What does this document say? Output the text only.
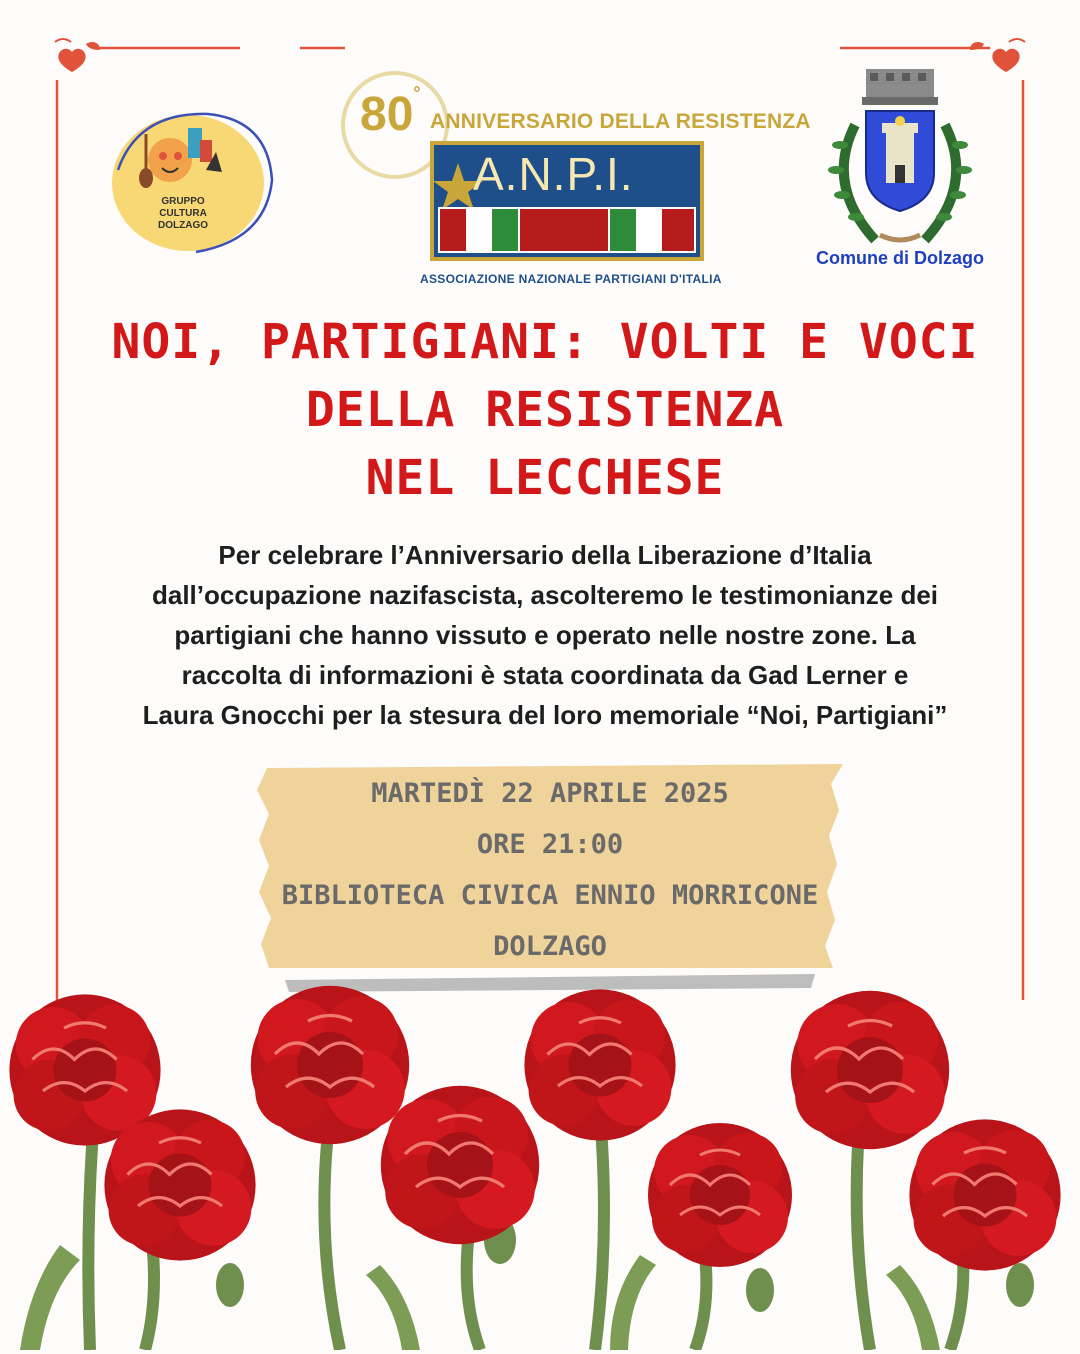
GRUPPO
CULTURA
DOLZAGO
80°
ANNIVERSARIO DELLA RESISTENZA
A.N.P.I.
ASSOCIAZIONE NAZIONALE PARTIGIANI D'ITALIA
Comune di Dolzago
NOI, PARTIGIANI: VOLTI E VOCI
DELLA RESISTENZA
NEL LECCHESE
Per celebrare l’Anniversario della Liberazione d’Italia
dall’occupazione nazifascista, ascolteremo le testimonianze dei
partigiani che hanno vissuto e operato nelle nostre zone. La
raccolta di informazioni è stata coordinata da Gad Lerner e
Laura Gnocchi per la stesura del loro memoriale “Noi, Partigiani”
MARTEDÌ 22 APRILE 2025
ORE 21:00
BIBLIOTECA CIVICA ENNIO MORRICONE
DOLZAGO
